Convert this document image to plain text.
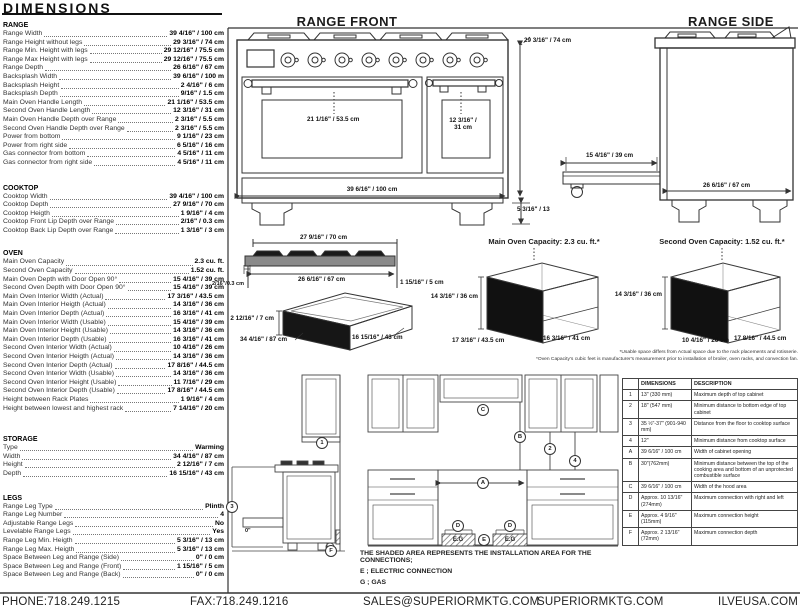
DIMENSIONS
RANGE FRONT	RANGE SIDE
RANGE
Range Width	39 4/16" / 100 cm
Range Height without legs	29 3/16" / 74 cm
Range Min. Height with legs	29 12/16" / 75.5 cm
Range Max Height with legs	29 12/16" / 75.5 cm
Range Depth	26 6/16" / 67 cm
Backsplash Width	39 6/16" / 100 m
Backsplash Height	2 4/16" / 6 cm
Backsplash Depth	9/16" / 1.5 cm
Main Oven Handle Length	21 1/16" / 53.5 cm
Second Oven Handle Length	12 3/16" / 31 cm
Main Oven Handle Depth over Range	2 3/16" / 5.5 cm
Second Oven Handle Depth over Range	2 3/16" / 5.5 cm
Power from bottom	9 1/16" / 23 cm
Power from right side	6 5/16" / 16 cm
Gas connector from bottom	4 5/16" / 11 cm
Gas connector from right side	4 5/16" / 11 cm
COOKTOP
Cooktop Width	39 4/16" / 100 cm
Cooktop Depth	27 9/16" / 70 cm
Cooktop Heigth	1 9/16" / 4 cm
Cooktop Front Lip Depth over Range	2/16" / 0.3 cm
Cooktop Back Lip Depth over Range	1 3/16" / 3 cm
OVEN
Main Oven Capacity	2.3 cu. ft.
Second Oven Capacity	1.52 cu. ft.
Main Oven Depth with Door Open 90°	15 4/16" / 39 cm
Second Oven Depth with Door Open 90°	15 4/16" / 39 cm
Main Oven Interior Width (Actual)	17 3/16" / 43.5 cm
Main Oven Interior Heigth (Actual)	14 3/16" / 36 cm
Main Oven Interior Depth (Actual)	16 3/16" / 41 cm
Main Oven Interior Width (Usable)	15 4/16" / 39 cm
Main Oven Interior Height (Usable)	14 3/16" / 36 cm
Main Oven Interior Depth (Usable)	16 3/16" / 41 cm
Second Oven Interior Width (Actual)	10 4/16" / 26 cm
Second Oven Interior Heigth (Actual)	14 3/16" / 36 cm
Second Oven Interior Depth (Actual)	17 8/16" / 44.5 cm
Second Oven Interior Width (Usable)	14 3/16" / 36 cm
Second Oven Interior Height (Usable)	11 7/16" / 29 cm
Second Oven Interior Depth (Usable)	17 8/16" / 44.5 cm
Height between Rack Plates	1 9/16" / 4 cm
Height between lowest and highest rack	7 14/16" / 20 cm
STORAGE
Type	Warming
Width	34 4/16" / 87 cm
Height	2 12/16" / 7 cm
Depth	16 15/16" / 43 cm
LEGS
Range Leg Type	Plinth
Range Leg Number	4
Adjustable Range Legs	No
Levelable Range Legs	Yes
Range Leg Min. Heigth	5 3/16" / 13 cm
Range Leg Max. Heigth	5 3/16" / 13 cm
Space Between Leg and Range (Side)	0" / 0 cm
Space Between Leg and Range (Front)	1 15/16" / 5 cm
Space Between Leg and Range (Back)	0" / 0 cm
29 3/16" / 74 cm
21 1/16" / 53.5 cm	12 3/16" /
31 cm
39 6/16" / 100 cm
5 3/16" / 13
15 4/16" / 39 cm
26 6/16" / 67 cm
27 9/16" / 70 cm
26 6/16" / 67 cm
2/16"/0.3 cm	1 15/16" / 5 cm
2 12/16" / 7 cm
34 4/16" / 87 cm	16 15/16" / 43 cm
Main Oven Capacity: 2.3 cu. ft.*
14 3/16" / 36 cm
17 3/16" / 43.5 cm	16 3/16" / 41 cm
Second Oven Capacity: 1.52 cu. ft.*
14 3/16" / 36 cm
10 4/16" / 26 cm 17 8/16" / 44.5 cm
*Usable space differs from Actual space due to the rack placements and rotisserie.
*Oven Capacity's cubic feet is manufacturer's measurement prior to installation of broiler, oven racks, and convection fan.
0"
THE SHADED AREA REPRESENTS THE INSTALLATION AREA FOR THE CONNECTIONS;
E ; ELECTRIC CONNECTION
G ; GAS
	DIMENSIONS	DESCRIPTION
1	13" (330 mm)	Maximum depth of top cabinet
2	18" (547 mm)	Minimum distance to bottom edge of top cabinet
3	35 ½"-37" (901-940 mm)	Distance from the floor to cooktop surface
4	12"	Minimum distance from cooktop surface
A	39 6/16" / 100 cm	Width of cabinet opening
B	30"(762mm)	Minimum distance between the top of the cooking area and bottom of an unprotected combustible surface
C	39 6/16" / 100 cm	Width of the hood area
D	Approx. 10 13/16" (274mm)	Maximum connection with right and left
E	Approx. 4 9/16" (115mm)	Maximum connection height
F	Approx. 2 13/16" (72mm)	Maximum connection depth
PHONE:718.249.1215	FAX:718.249.1216	SALES@SUPERIORMKTG.COM
SUPERIORMKTG.COM	ILVEUSA.COM
1
3
F
C
B
2
4
A
D	D
E
E.G	E.G
